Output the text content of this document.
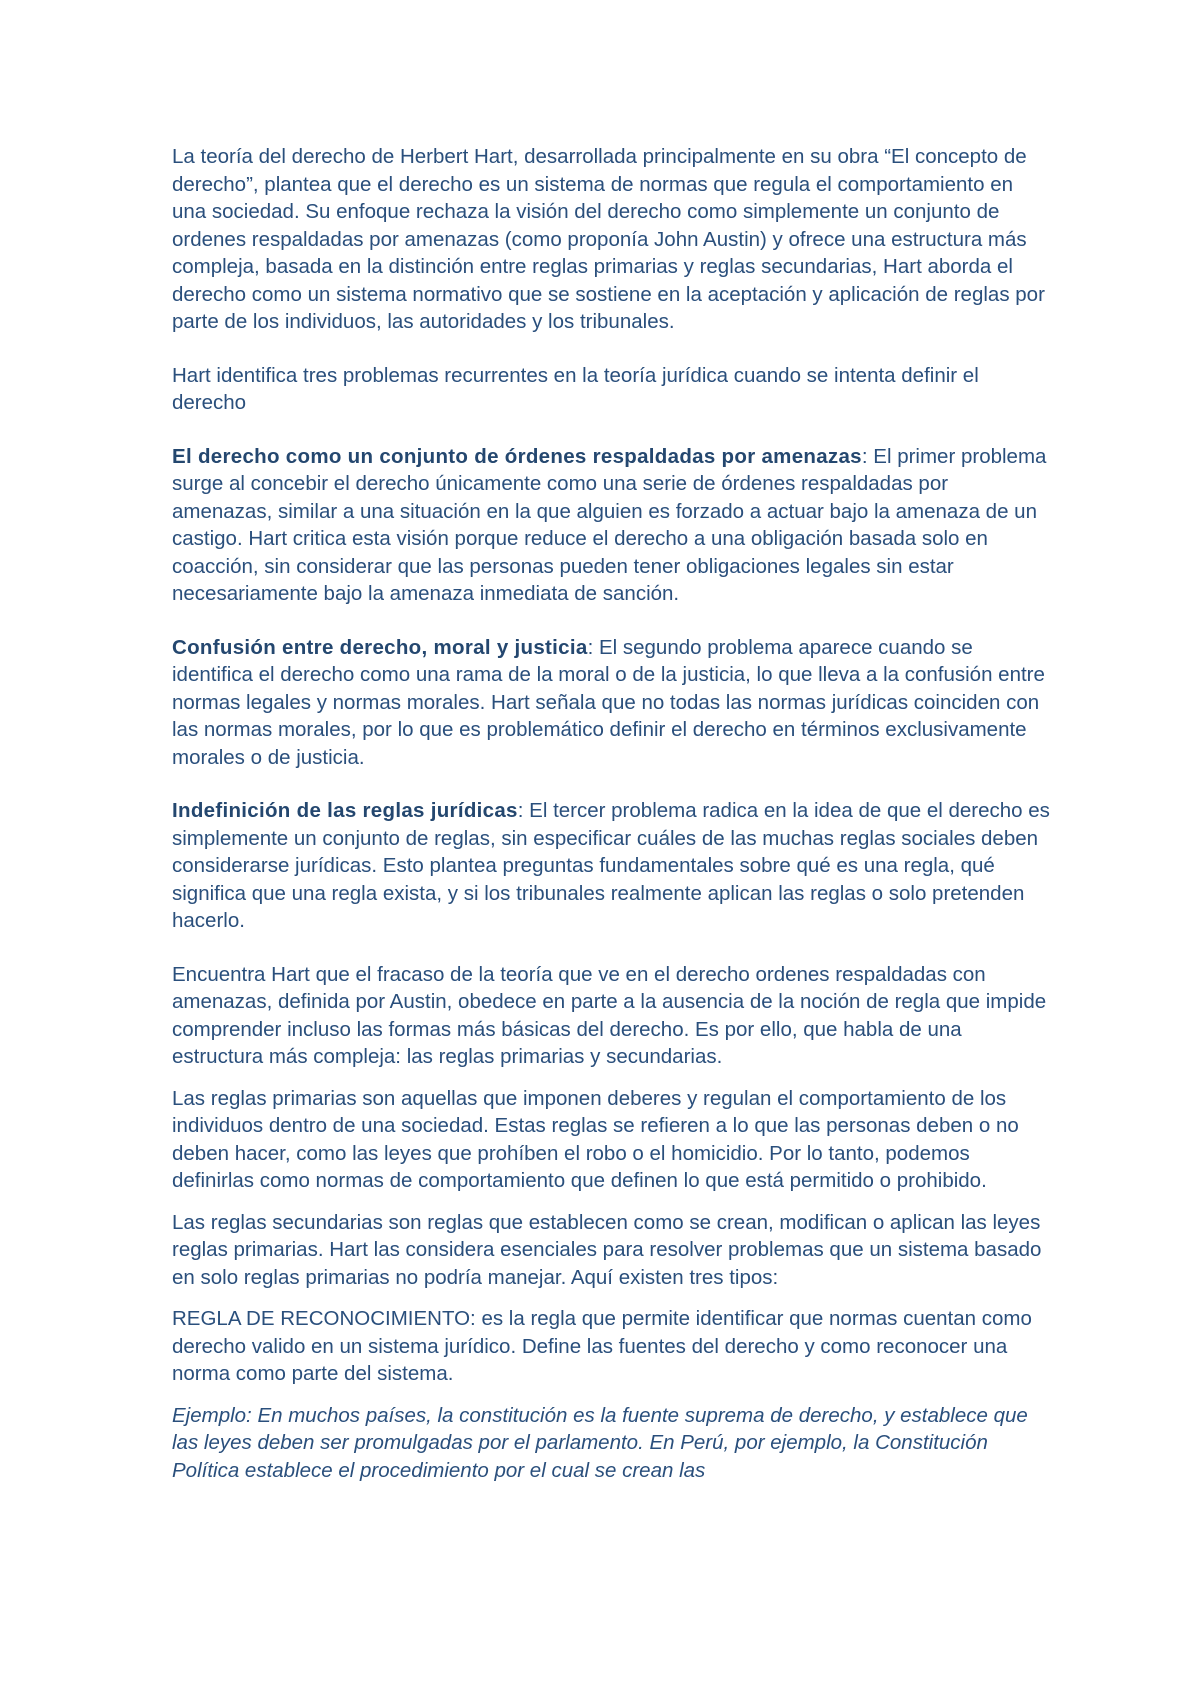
La teoría del derecho de Herbert Hart, desarrollada principalmente en su obra “El concepto de derecho”, plantea que el derecho es un sistema de normas que regula el comportamiento en una sociedad. Su enfoque rechaza la visión del derecho como simplemente un conjunto de ordenes respaldadas por amenazas (como proponía John Austin) y ofrece una estructura más compleja, basada en la distinción entre reglas primarias y reglas secundarias, Hart aborda el derecho como un sistema normativo que se sostiene en la aceptación y aplicación de reglas por parte de los individuos, las autoridades y los tribunales.

Hart identifica tres problemas recurrentes en la teoría jurídica cuando se intenta definir el derecho

El derecho como un conjunto de órdenes respaldadas por amenazas: El primer problema surge al concebir el derecho únicamente como una serie de órdenes respaldadas por amenazas, similar a una situación en la que alguien es forzado a actuar bajo la amenaza de un castigo. Hart critica esta visión porque reduce el derecho a una obligación basada solo en coacción, sin considerar que las personas pueden tener obligaciones legales sin estar necesariamente bajo la amenaza inmediata de sanción.

Confusión entre derecho, moral y justicia: El segundo problema aparece cuando se identifica el derecho como una rama de la moral o de la justicia, lo que lleva a la confusión entre normas legales y normas morales. Hart señala que no todas las normas jurídicas coinciden con las normas morales, por lo que es problemático definir el derecho en términos exclusivamente morales o de justicia.

Indefinición de las reglas jurídicas: El tercer problema radica en la idea de que el derecho es simplemente un conjunto de reglas, sin especificar cuáles de las muchas reglas sociales deben considerarse jurídicas. Esto plantea preguntas fundamentales sobre qué es una regla, qué significa que una regla exista, y si los tribunales realmente aplican las reglas o solo pretenden hacerlo.

Encuentra Hart que el fracaso de la teoría que ve en el derecho ordenes respaldadas con amenazas, definida por Austin, obedece en parte a la ausencia de la noción de regla que impide comprender incluso las formas más básicas del derecho. Es por ello, que habla de una estructura más compleja: las reglas primarias y secundarias.

Las reglas primarias son aquellas que imponen deberes y regulan el comportamiento de los individuos dentro de una sociedad. Estas reglas se refieren a lo que las personas deben o no deben hacer, como las leyes que prohíben el robo o el homicidio. Por lo tanto, podemos definirlas como normas de comportamiento que definen lo que está permitido o prohibido.

Las reglas secundarias son reglas que establecen como se crean, modifican o aplican las leyes reglas primarias. Hart las considera esenciales para resolver problemas que un sistema basado en solo reglas primarias no podría manejar. Aquí existen tres tipos:

REGLA DE RECONOCIMIENTO: es la regla que permite identificar que normas cuentan como derecho valido en un sistema jurídico. Define las fuentes del derecho y como reconocer una norma como parte del sistema.

Ejemplo: En muchos países, la constitución es la fuente suprema de derecho, y establece que las leyes deben ser promulgadas por el parlamento. En Perú, por ejemplo, la Constitución Política establece el procedimiento por el cual se crean las
